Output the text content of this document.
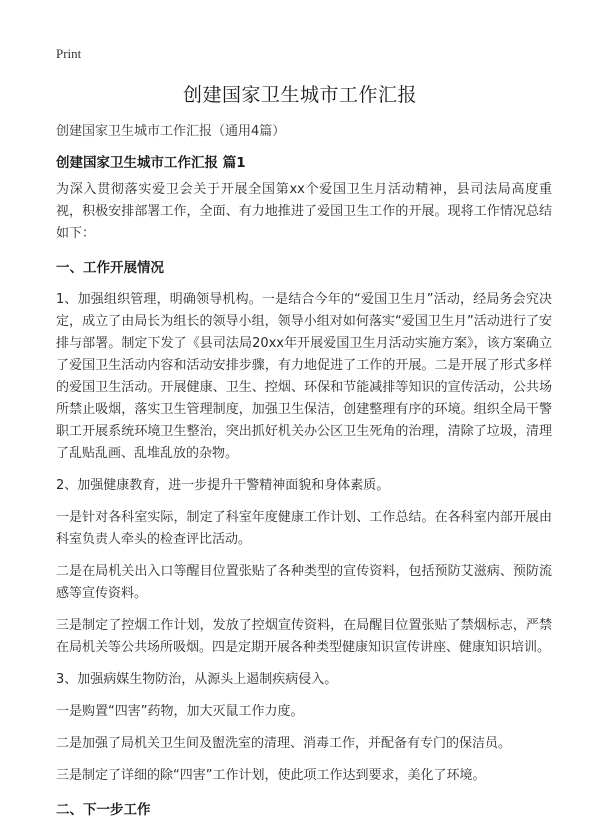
Print
创建国家卫生城市工作汇报
创建国家卫生城市工作汇报（通用4篇）
创建国家卫生城市工作汇报 篇1

为深入贯彻落实爱卫会关于开展全国第xx个爱国卫生月活动精神，县司法局高度重视，积极安排部署工作，全面、有力地推进了爱国卫生工作的开展。现将工作情况总结如下：

一、工作开展情况

1、加强组织管理，明确领导机构。一是结合今年的“爱国卫生月”活动，经局务会究决定，成立了由局长为组长的领导小组，领导小组对如何落实“爱国卫生月”活动进行了安排与部署。制定下发了《县司法局20xx年开展爱国卫生月活动实施方案》，该方案确立了爱国卫生活动内容和活动安排步骤，有力地促进了工作的开展。二是开展了形式多样的爱国卫生活动。开展健康、卫生、控烟、环保和节能减排等知识的宣传活动，公共场所禁止吸烟，落实卫生管理制度，加强卫生保洁，创建整理有序的环境。组织全局干警职工开展系统环境卫生整治，突出抓好机关办公区卫生死角的治理，清除了垃圾，清理了乱贴乱画、乱堆乱放的杂物。

2、加强健康教育，进一步提升干警精神面貌和身体素质。

一是针对各科室实际，制定了科室年度健康工作计划、工作总结。在各科室内部开展由科室负责人牵头的检查评比活动。

二是在局机关出入口等醒目位置张贴了各种类型的宣传资料，包括预防艾滋病、预防流感等宣传资料。

三是制定了控烟工作计划，发放了控烟宣传资料，在局醒目位置张贴了禁烟标志，严禁在局机关等公共场所吸烟。四是定期开展各种类型健康知识宣传讲座、健康知识培训。

3、加强病媒生物防治，从源头上遏制疾病侵入。

一是购置“四害”药物，加大灭鼠工作力度。

二是加强了局机关卫生间及盥洗室的清理、消毒工作，并配备有专门的保洁员。

三是制定了详细的除“四害”工作计划，使此项工作达到要求，美化了环境。

二、下一步工作
